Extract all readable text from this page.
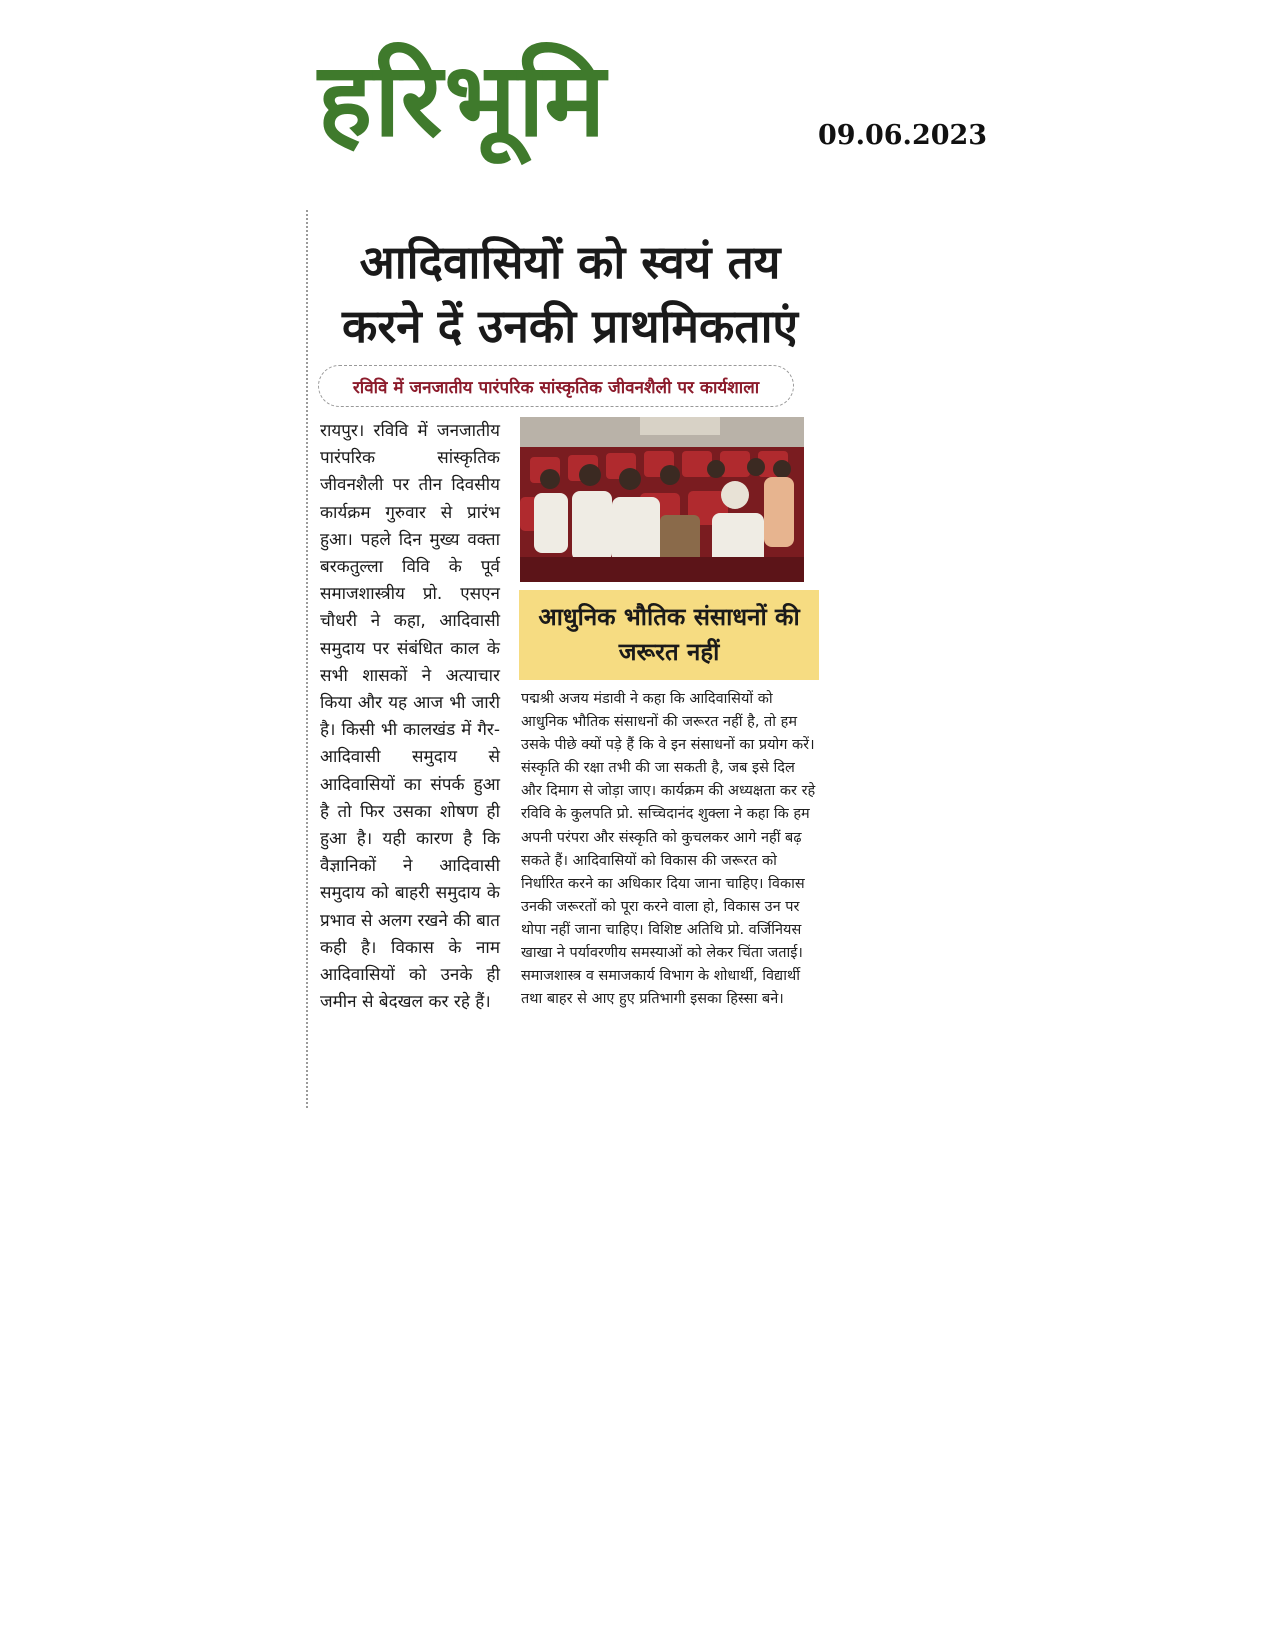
हरिभूमि	09.06.2023
आदिवासियों को स्वयं तय करने दें उनकी प्राथमिकताएं
रविवि में जनजातीय पारंपरिक सांस्कृतिक जीवनशैली पर कार्यशाला
रायपुर। रविवि में जनजातीय पारंपरिक सांस्कृतिक जीवनशैली पर तीन दिवसीय कार्यक्रम गुरुवार से प्रारंभ हुआ। पहले दिन मुख्य वक्ता बरकतुल्ला विवि के पूर्व समाजशास्त्रीय प्रो. एसएन चौधरी ने कहा, आदिवासी समुदाय पर संबंधित काल के सभी शासकों ने अत्याचार किया और यह आज भी जारी है। किसी भी कालखंड में गैर-आदिवासी समुदाय से आदिवासियों का संपर्क हुआ है तो फिर उसका शोषण ही हुआ है। यही कारण है कि वैज्ञानिकों ने आदिवासी समुदाय को बाहरी समुदाय के प्रभाव से अलग रखने की बात कही है। विकास के नाम आदिवासियों को उनके ही जमीन से बेदखल कर रहे हैं।
आधुनिक भौतिक संसाधनों की जरूरत नहीं
पद्मश्री अजय मंडावी ने कहा कि आदिवासियों को आधुनिक भौतिक संसाधनों की जरूरत नहीं है, तो हम उसके पीछे क्यों पड़े हैं कि वे इन संसाधनों का प्रयोग करें। संस्कृति की रक्षा तभी की जा सकती है, जब इसे दिल और दिमाग से जोड़ा जाए। कार्यक्रम की अध्यक्षता कर रहे रविवि के कुलपति प्रो. सच्चिदानंद शुक्ला ने कहा कि हम अपनी परंपरा और संस्कृति को कुचलकर आगे नहीं बढ़ सकते हैं। आदिवासियों को विकास की जरूरत को निर्धारित करने का अधिकार दिया जाना चाहिए। विकास उनकी जरूरतों को पूरा करने वाला हो, विकास उन पर थोपा नहीं जाना चाहिए। विशिष्ट अतिथि प्रो. वर्जिनियस खाखा ने पर्यावरणीय समस्याओं को लेकर चिंता जताई। समाजशास्त्र व समाजकार्य विभाग के शोधार्थी, विद्यार्थी तथा बाहर से आए हुए प्रतिभागी इसका हिस्सा बने।
